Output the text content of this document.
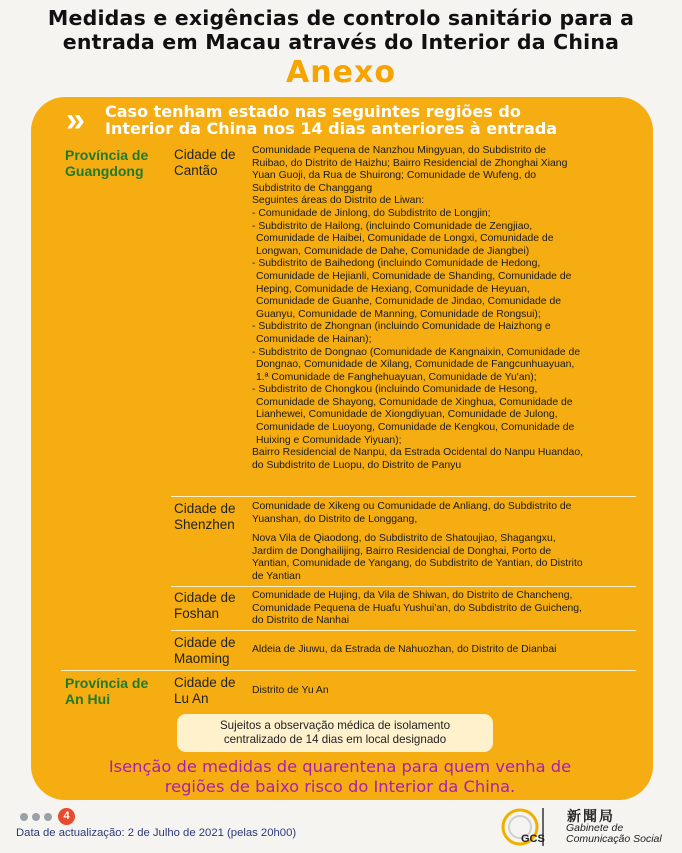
Medidas e exigências de controlo sanitário para a
entrada em Macau através do Interior da China
Anexo
» Caso tenham estado nas seguintes regiões do
Interior da China nos 14 dias anteriores à entrada
Província de
Guangdong
Cidade de
Cantão

Comunidade Pequena de Nanzhou Mingyuan, do Subdistrito de

Ruibao, do Distrito de Haizhu; Bairro Residencial de Zhonghai Xiang

Yuan Guoji, da Rua de Shuirong; Comunidade de Wufeng, do

Subdistrito de Changgang

Seguintes áreas do Distrito de Liwan:

- Comunidade de Jinlong, do Subdistrito de Longjin;

- Subdistrito de Hailong, (incluindo Comunidade de Zengjiao,

Comunidade de Haibei, Comunidade de Longxi, Comunidade de

Longwan, Comunidade de Dahe, Comunidade de Jiangbei)

- Subdistrito de Baihedong (incluindo Comunidade de Hedong,

Comunidade de Hejianli, Comunidade de Shanding, Comunidade de

Heping, Comunidade de Hexiang, Comunidade de Heyuan,

Comunidade de Guanhe, Comunidade de Jindao, Comunidade de

Guanyu, Comunidade de Manning, Comunidade de Rongsui);

- Subdistrito de Zhongnan (incluindo Comunidade de Haizhong e

Comunidade de Hainan);

- Subdistrito de Dongnao (Comunidade de Kangnaixin, Comunidade de

Dongnao, Comunidade de Xilang, Comunidade de Fangcunhuayuan,

1.ª Comunidade de Fanghehuayuan, Comunidade de Yu'an);

- Subdistrito de Chongkou (incluindo Comunidade de Hesong,

Comunidade de Shayong, Comunidade de Xinghua, Comunidade de

Lianhewei, Comunidade de Xiongdiyuan, Comunidade de Julong,

Comunidade de Luoyong, Comunidade de Kengkou, Comunidade de

Huixing e Comunidade Yiyuan);

Bairro Residencial de Nanpu, da Estrada Ocidental do Nanpu Huandao,

do Subdistrito de Luopu, do Distrito de Panyu

Cidade de
Shenzhen

Comunidade de Xikeng ou Comunidade de Anliang, do Subdistrito de

Yuanshan, do Distrito de Longgang,

Nova Vila de Qiaodong, do Subdistrito de Shatoujiao, Shagangxu,

Jardim de Donghailijing, Bairro Residencial de Donghai, Porto de

Yantian, Comunidade de Yangang, do Subdistrito de Yantian, do Distrito

de Yantian

Cidade de
Foshan

Comunidade de Hujing, da Vila de Shiwan, do Distrito de Chancheng,

Comunidade Pequena de Huafu Yushui'an, do Subdistrito de Guicheng,

do Distrito de Nanhai

Cidade de
Maoming

Aldeia de Jiuwu, da Estrada de Nahuozhan, do Distrito de Dianbai

Província de
An Hui
Cidade de
Lu An

Distrito de Yu An

Sujeitos a observação médica de isolamento
centralizado de 14 dias em local designado
Isenção de medidas de quarentena para quem venha de
regiões de baixo risco do Interior da China.
4
Data de actualização: 2 de Julho de 2021 (pelas 20h00)	GCS
新聞局
Gabinete de
Comunicação Social
